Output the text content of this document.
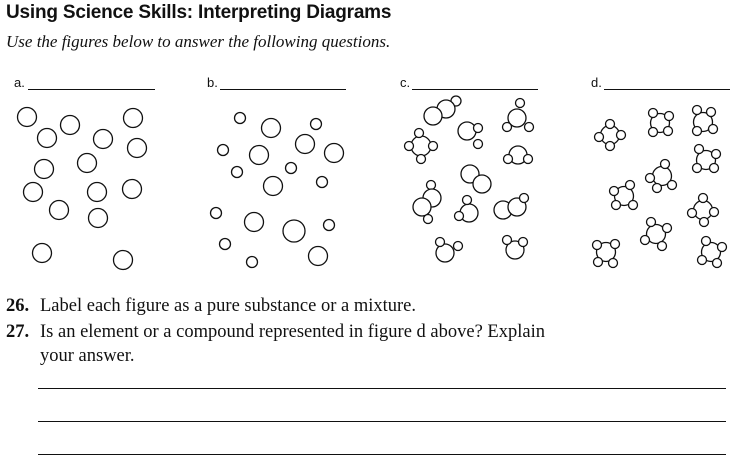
Using Science Skills: Interpreting Diagrams
Use the figures below to answer the following questions.
a.	b.	c.	d.
26. Label each figure as a pure substance or a mixture.
27. Is an element or a compound represented in figure d above? Explain
your answer.
